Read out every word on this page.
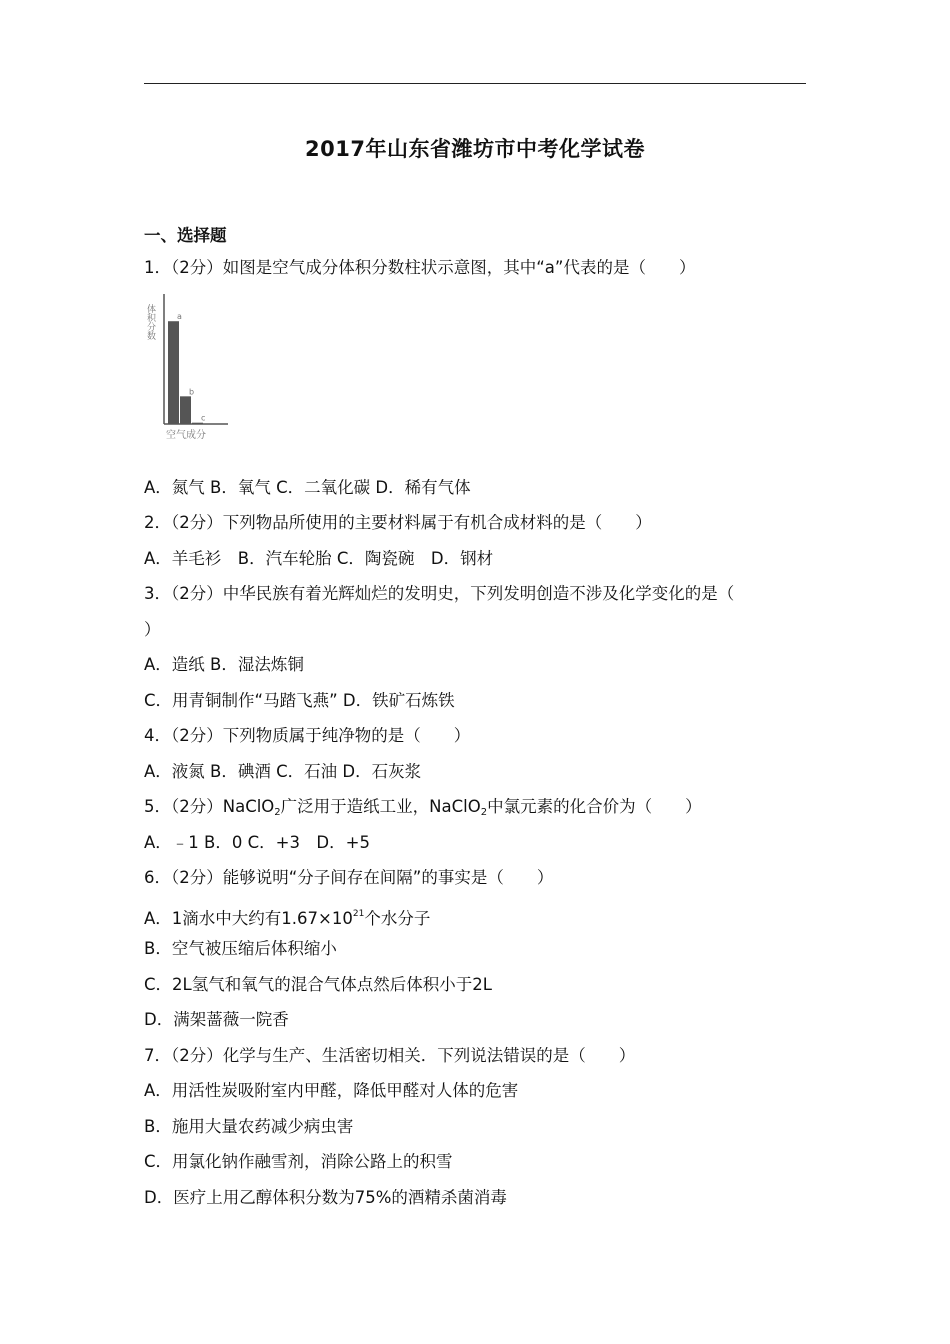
2017年山东省潍坊市中考化学试卷
一、选择题
1．（2分）如图是空气成分体积分数柱状示意图，其中“a”代表的是（　　）
体积分数
空气成分
a
b
c
A．氮气 B．氧气 C．二氧化碳 D．稀有气体
2．（2分）下列物品所使用的主要材料属于有机合成材料的是（　　）
A．羊毛衫　B．汽车轮胎 C．陶瓷碗　D．钢材
3．（2分）中华民族有着光辉灿烂的发明史，下列发明创造不涉及化学变化的是（
）
A．造纸 B．湿法炼铜
C．用青铜制作“马踏飞燕” D．铁矿石炼铁
4．（2分）下列物质属于纯净物的是（　　）
A．液氮 B．碘酒 C．石油 D．石灰浆
5．（2分）NaClO$_2$广泛用于造纸工业，NaClO$_2$中氯元素的化合价为（　　）
A．﹣1 B．0 C．+3　D．+5
6．（2分）能够说明“分子间存在间隔”的事实是（　　）
A．1滴水中大约有$1.67\times 10^{21}$个水分子
B．空气被压缩后体积缩小
C．2L氢气和氧气的混合气体点然后体积小于2L
D．满架蔷薇一院香
7．（2分）化学与生产、生活密切相关．下列说法错误的是（　　）
A．用活性炭吸附室内甲醛，降低甲醛对人体的危害
B．施用大量农药减少病虫害
C．用氯化钠作融雪剂，消除公路上的积雪
D．医疗上用乙醇体积分数为75%的酒精杀菌消毒
